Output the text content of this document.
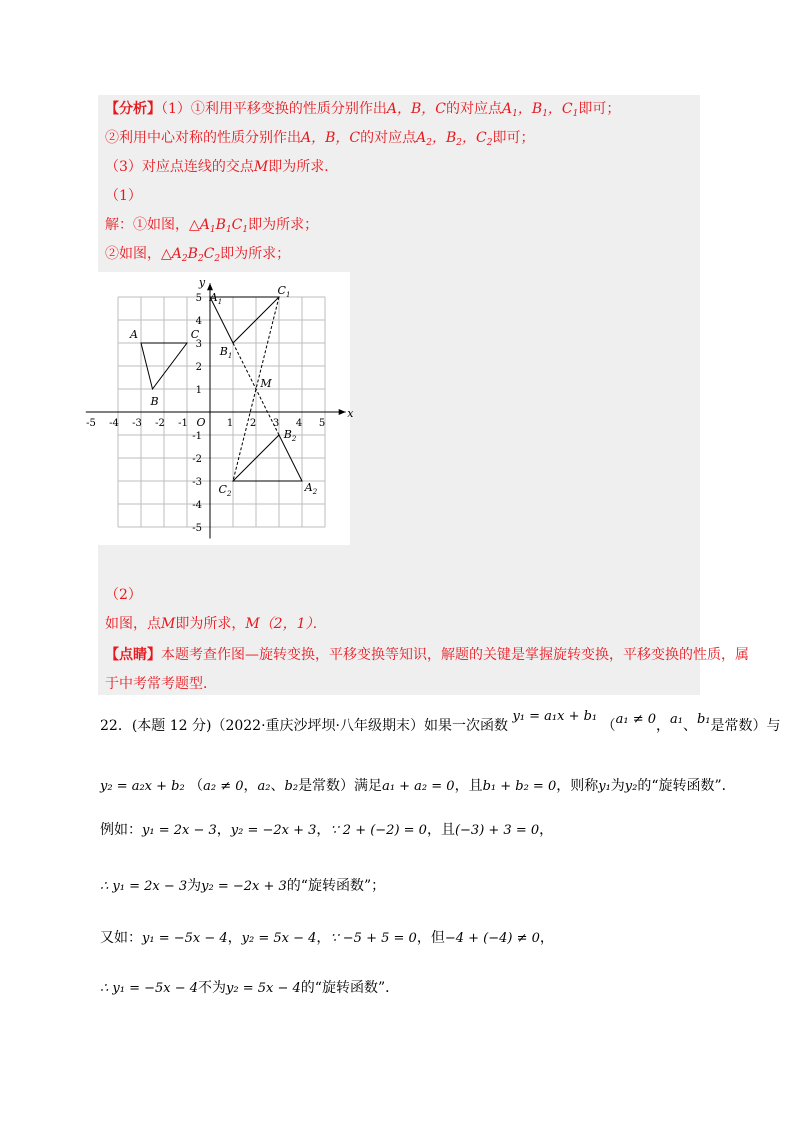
【分析】（1）①利用平移变换的性质分别作出A，B，C的对应点$A_1$，$B_1$，$C_1$即可；
②利用中心对称的性质分别作出A，B，C的对应点$A_2$，$B_2$，$C_2$即可；
（3）对应点连线的交点M即为所求．
（1）
解：①如图，$\triangle A_1B_1C_1$即为所求；
②如图，$\triangle A_2B_2C_2$即为所求；
-5 -4 -3 -2 -1	1 2 3 4 5
5
4
3
2
1
-1
-2
-3
-4
-5
O
x
y
A
B
C
$A_1$
$B_1$
$C_1$
$A_2$
$B_2$
$C_2$
M
（2）
如图，点M即为所求，M（2，1）．
【点睛】本题考查作图—旋转变换，平移变换等知识，解题的关键是掌握旋转变换，平移变换的性质，属
于中考常考题型．
22．(本题 12 分)（2022·重庆沙坪坝·八年级期末）如果一次函数 y₁ = a₁x + b₁ （a₁ ≠ 0，a₁、b₁是常数）与
y₂ = a₂x + b₂ （a₂ ≠ 0，a₂、b₂是常数）满足a₁ + a₂ = 0，且b₁ + b₂ = 0，则称y₁为y₂的“旋转函数”．
例如：y₁ = 2x − 3，y₂ = −2x + 3，∵ 2 + (−2) = 0，且(−3) + 3 = 0，
∴ y₁ = 2x − 3为y₂ = −2x + 3的“旋转函数”；
又如：y₁ = −5x − 4，y₂ = 5x − 4，∵ −5 + 5 = 0，但−4 + (−4) ≠ 0，
∴ y₁ = −5x − 4不为y₂ = 5x − 4的“旋转函数”．
